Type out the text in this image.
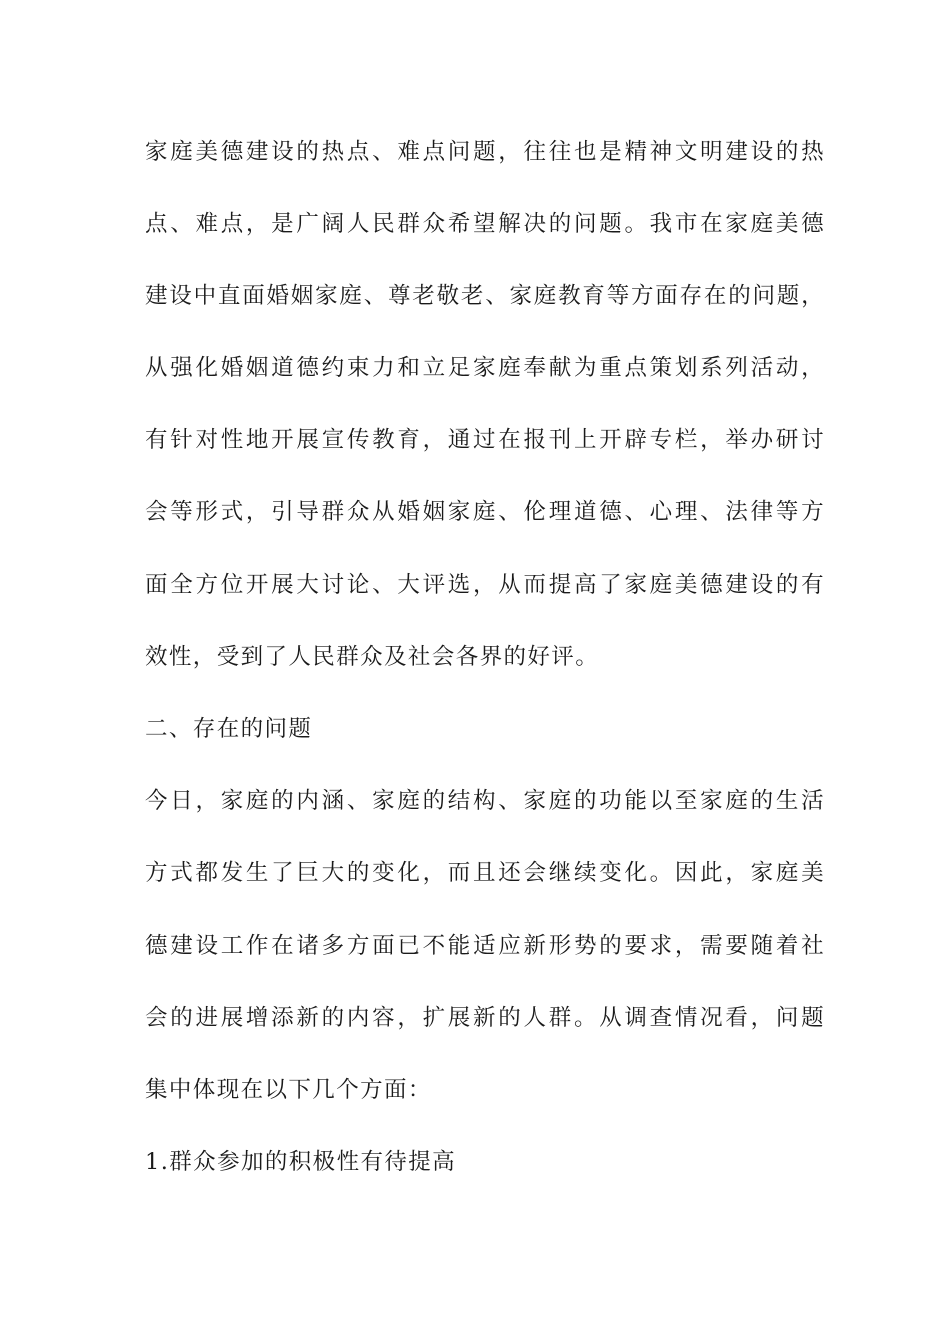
家庭美德建设的热点、难点问题，往往也是精神文明建设的热
点、难点，是广阔人民群众希望解决的问题。我市在家庭美德
建设中直面婚姻家庭、尊老敬老、家庭教育等方面存在的问题，
从强化婚姻道德约束力和立足家庭奉献为重点策划系列活动，
有针对性地开展宣传教育，通过在报刊上开辟专栏，举办研讨
会等形式，引导群众从婚姻家庭、伦理道德、心理、法律等方
面全方位开展大讨论、大评选，从而提高了家庭美德建设的有
效性，受到了人民群众及社会各界的好评。
二、存在的问题
今日，家庭的内涵、家庭的结构、家庭的功能以至家庭的生活
方式都发生了巨大的变化，而且还会继续变化。因此，家庭美
德建设工作在诸多方面已不能适应新形势的要求，需要随着社
会的进展增添新的内容，扩展新的人群。从调查情况看，问题
集中体现在以下几个方面：
1.群众参加的积极性有待提高
